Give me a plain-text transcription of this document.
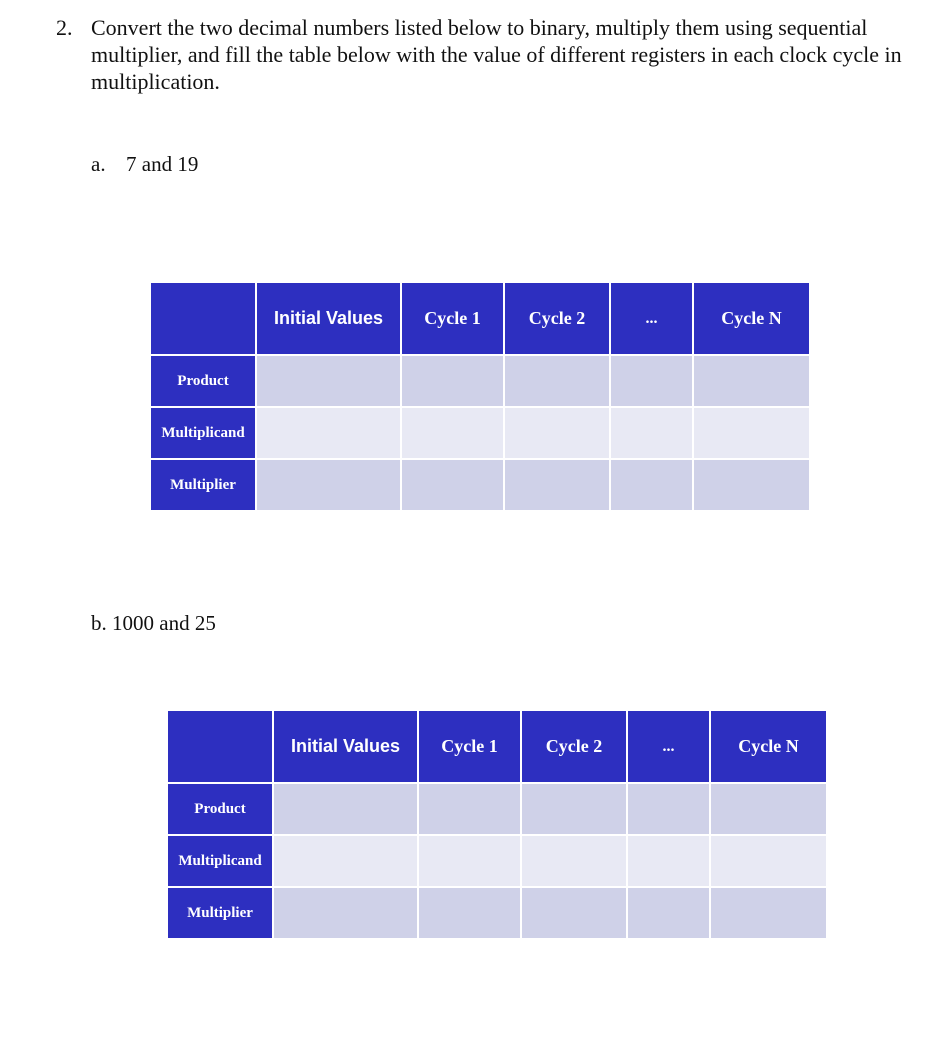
2. Convert the two decimal numbers listed below to binary, multiply them using sequential multiplier, and fill the table below with the value of different registers in each clock cycle in multiplication.
a. 7 and 19
	Initial Values	Cycle 1	Cycle 2	...	Cycle N
Product					
Multiplicand					
Multiplier					
b. 1000 and 25
	Initial Values	Cycle 1	Cycle 2	...	Cycle N
Product					
Multiplicand					
Multiplier					
